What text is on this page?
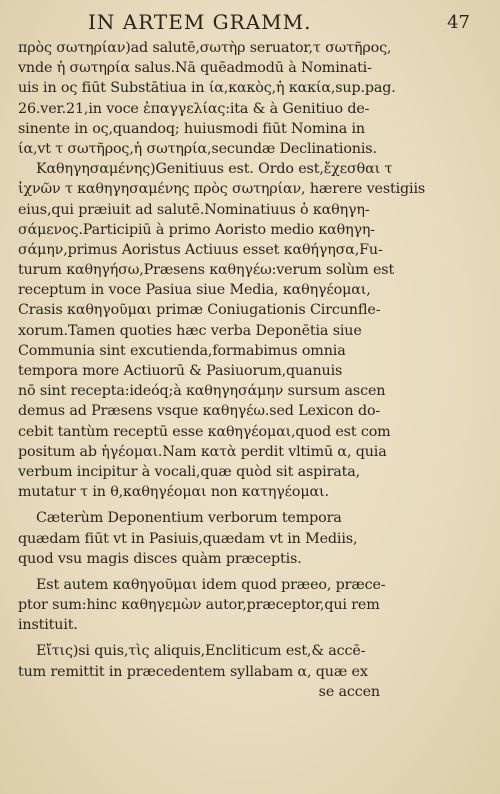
IN ARTEM GRAMM.	47
πρὸς σωτηρίαν)ad salutē,σωτὴρ seruator,τ σωτῆρος,
vnde ἡ σωτηρία salus.Nā quēadmodū à Nominati-
uis in ος fiūt Substātiua in ία,κακὸς,ἡ κακία,sup.pag.
26.ver.21,in voce ἐπαγγελίας:ita & à Genitiuo de-
sinente in ος,quandoq; huiusmodi fiūt Nomina in
ία,vt τ σωτῆρος,ἡ σωτηρία,secundæ Declinationis.
Καθηγησαμένης)Genitiuus est. Ordo est,ἔχεσθαι τ
ἰχνῶν τ καθηγησαμένης πρὸς σωτηρίαν, hærere vestigiis
eius,qui præiuit ad salutē.Nominatiuus ὁ καθηγη-
σάμενος.Participiū à primo Aoristo medio καθηγη-
σάμην,primus Aoristus Actiuus esset καθήγησα,Fu-
turum καθηγήσω,Præsens καθηγέω:verum solùm est
receptum in voce Pasiua siue Media, καθηγέομαι,
Crasis καθηγοῦμαι primæ Coniugationis Circunfle-
xorum.Tamen quoties hæc verba Deponētia siue
Communia sint excutienda,formabimus omnia
tempora more Actiuorū & Pasiuorum,quanuis
nō sint recepta:ideóq;à καθηγησάμην sursum ascen
demus ad Præsens vsque καθηγέω.sed Lexicon do-
cebit tantùm receptū esse καθηγέομαι,quod est com
positum ab ἡγέομαι.Nam κατὰ perdit vltimū α, quia
verbum incipitur à vocali,quæ quòd sit aspirata,
mutatur τ in θ,καθηγέομαι non κατηγέομαι.
Cæterùm Deponentium verborum tempora
quædam fiūt vt in Pasiuis,quædam vt in Mediis,
quod vsu magis disces quàm præceptis.
Est autem καθηγοῦμαι idem quod præeo, præce-
ptor sum:hinc καθηγεμὼν autor,præceptor,qui rem
instituit.
Εἴτις)si quis,τὶς aliquis,Encliticum est,& accē-
tum remittit in præcedentem syllabam α, quæ ex
se accen
